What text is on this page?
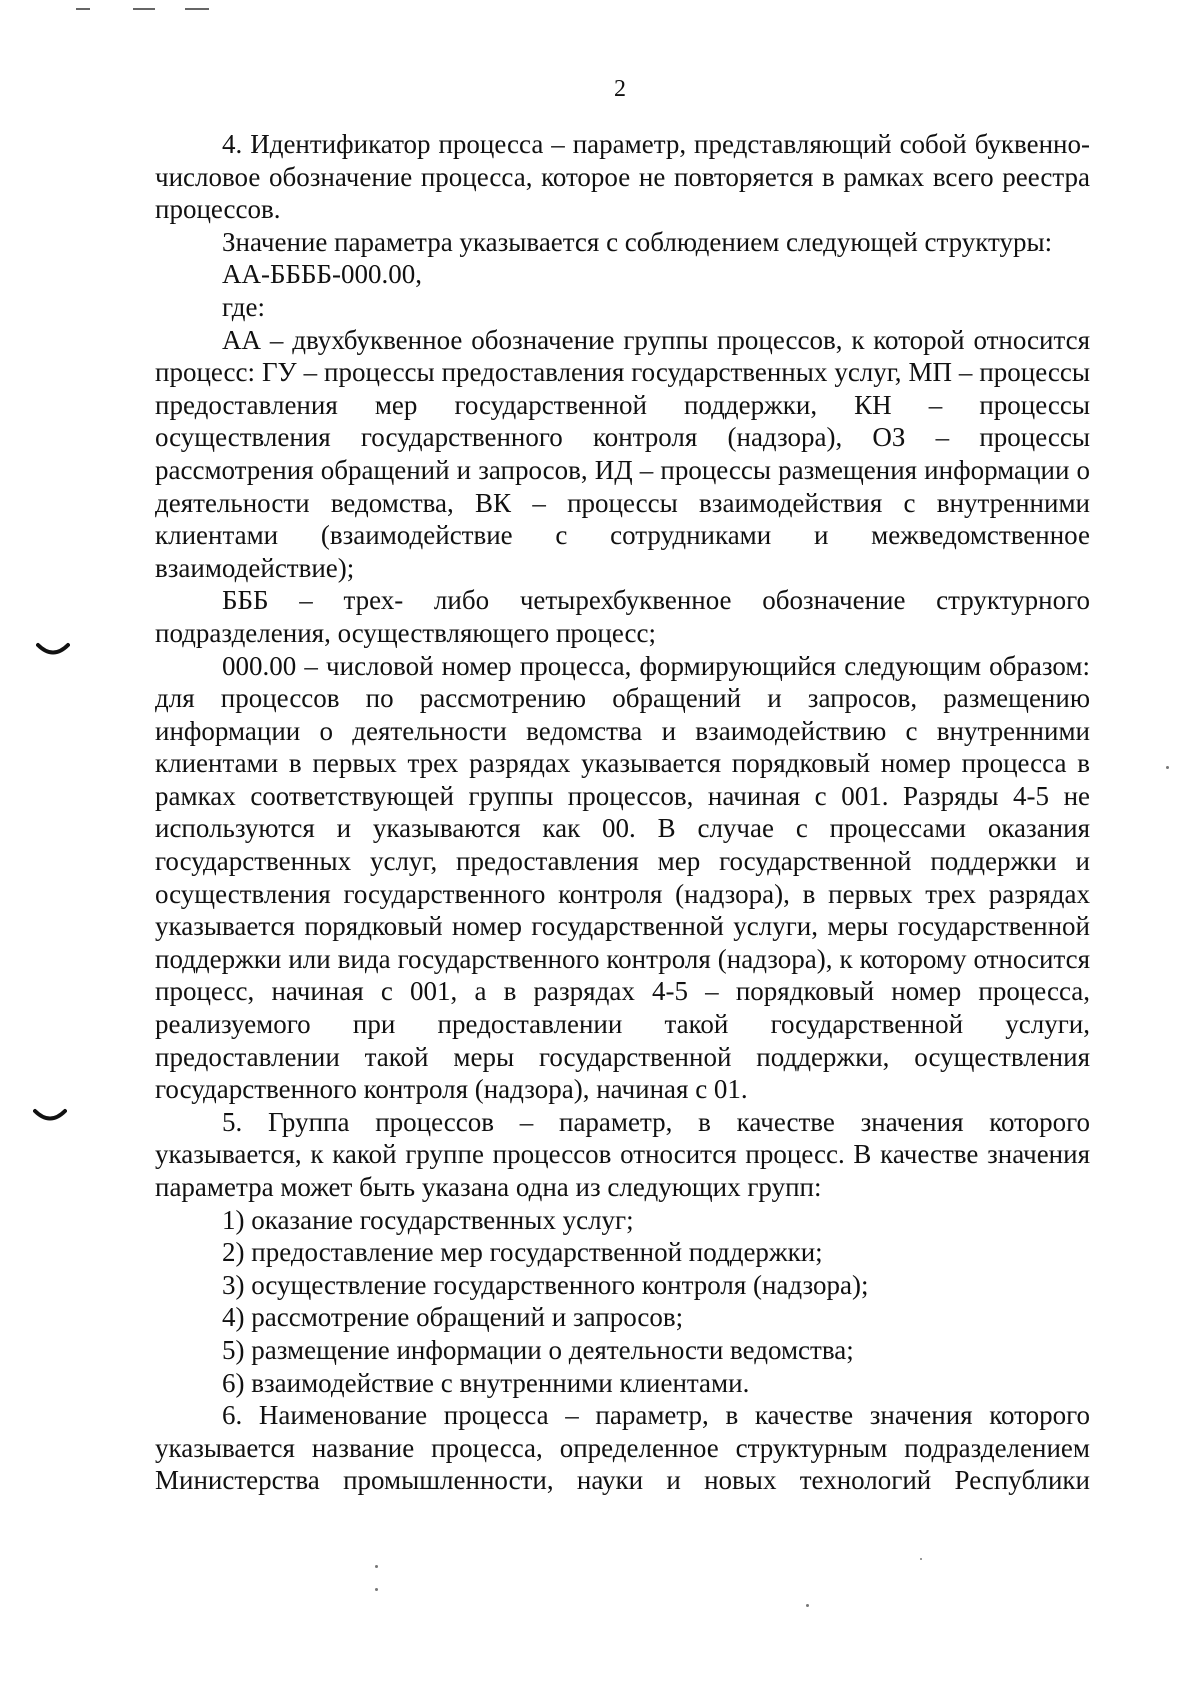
2

4. Идентификатор процесса – параметр, представляющий собой буквенно-числовое обозначение процесса, которое не повторяется в рамках всего реестра процессов.

Значение параметра указывается с соблюдением следующей структуры:

АА-ББББ-000.00,

где:

АА – двухбуквенное обозначение группы процессов, к которой относится процесс: ГУ – процессы предоставления государственных услуг, МП – процессы предоставления мер государственной поддержки, КН – процессы осуществления государственного контроля (надзора), ОЗ – процессы рассмотрения обращений и запросов, ИД – процессы размещения информации о деятельности ведомства, ВК – процессы взаимодействия с внутренними клиентами (взаимодействие с сотрудниками и межведомственное взаимодействие);

БББ – трех- либо четырехбуквенное обозначение структурного подразделения, осуществляющего процесс;

000.00 – числовой номер процесса, формирующийся следующим образом: для процессов по рассмотрению обращений и запросов, размещению информации о деятельности ведомства и взаимодействию с внутренними клиентами в первых трех разрядах указывается порядковый номер процесса в рамках соответствующей группы процессов, начиная с 001. Разряды 4-5 не используются и указываются как 00. В случае с процессами оказания государственных услуг, предоставления мер государственной поддержки и осуществления государственного контроля (надзора), в первых трех разрядах указывается порядковый номер государственной услуги, меры государственной поддержки или вида государственного контроля (надзора), к которому относится процесс, начиная с 001, а в разрядах 4-5 – порядковый номер процесса, реализуемого при предоставлении такой государственной услуги, предоставлении такой меры государственной поддержки, осуществления государственного контроля (надзора), начиная с 01.

5. Группа процессов – параметр, в качестве значения которого указывается, к какой группе процессов относится процесс. В качестве значения параметра может быть указана одна из следующих групп:

1) оказание государственных услуг;

2) предоставление мер государственной поддержки;

3) осуществление государственного контроля (надзора);

4) рассмотрение обращений и запросов;

5) размещение информации о деятельности ведомства;

6) взаимодействие с внутренними клиентами.

6. Наименование процесса – параметр, в качестве значения которого указывается название процесса, определенное структурным подразделением Министерства промышленности, науки и новых технологий Республики
